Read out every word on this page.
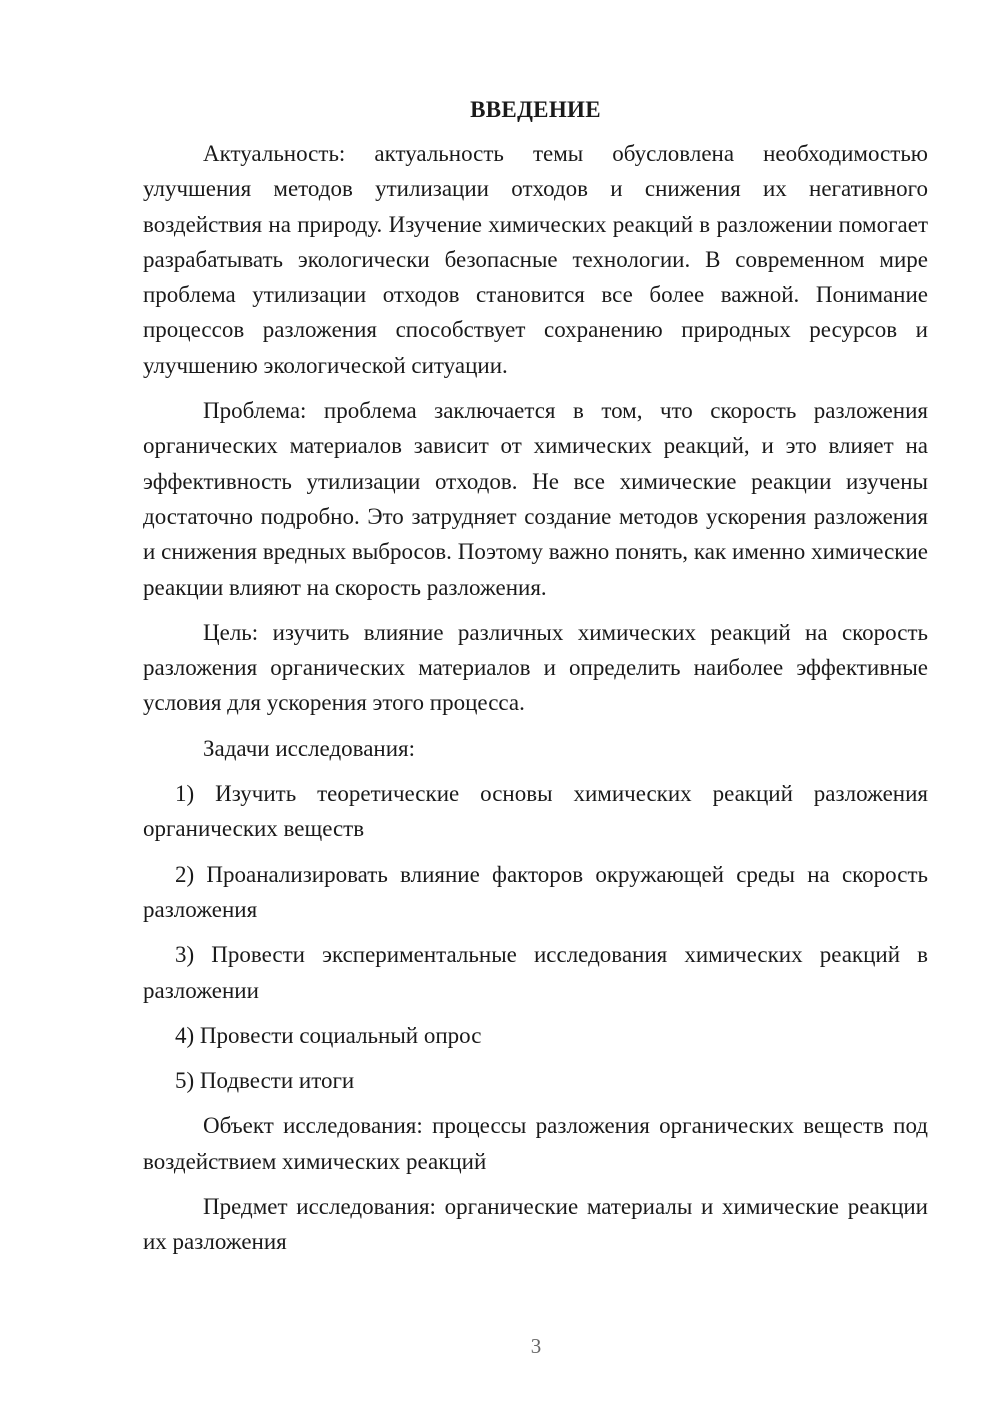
ВВЕДЕНИЕ

Актуальность: актуальность темы обусловлена необходимостью улучшения методов утилизации отходов и снижения их негативного воздействия на природу. Изучение химических реакций в разложении помогает разрабатывать экологически безопасные технологии. В современном мире проблема утилизации отходов становится все более важной. Понимание процессов разложения способствует сохранению природных ресурсов и улучшению экологической ситуации.

Проблема: проблема заключается в том, что скорость разложения органических материалов зависит от химических реакций, и это влияет на эффективность утилизации отходов. Не все химические реакции изучены достаточно подробно. Это затрудняет создание методов ускорения разложения и снижения вредных выбросов. Поэтому важно понять, как именно химические реакции влияют на скорость разложения.

Цель: изучить влияние различных химических реакций на скорость разложения органических материалов и определить наиболее эффективные условия для ускорения этого процесса.

Задачи исследования:

1) Изучить теоретические основы химических реакций разложения органических веществ

2) Проанализировать влияние факторов окружающей среды на скорость разложения

3) Провести экспериментальные исследования химических реакций в разложении

4) Провести социальный опрос

5) Подвести итоги

Объект исследования: процессы разложения органических веществ под воздействием химических реакций

Предмет исследования: органические материалы и химические реакции их разложения

3
